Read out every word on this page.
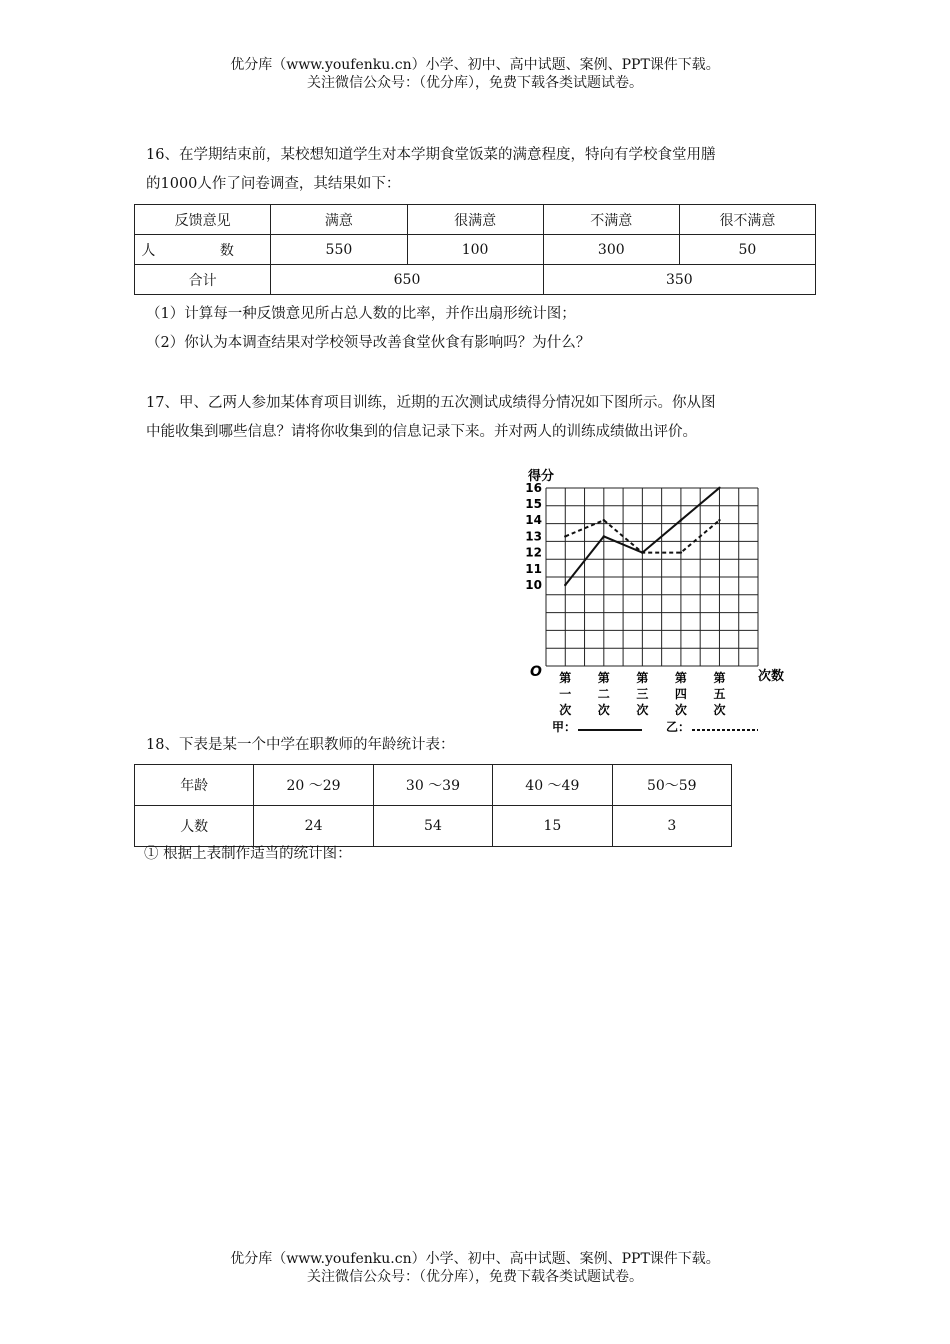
优分库（www.youfenku.cn）小学、初中、高中试题、案例、PPT课件下载。
关注微信公众号：（优分库），免费下载各类试题试卷。
16、在学期结束前，某校想知道学生对本学期食堂饭菜的满意程度，特向有学校食堂用膳
的1000人作了问卷调查，其结果如下：
反馈意见	满意	很满意	不满意	很不满意
人 数	550	100	300	50
合计	650		350	
（1）计算每一种反馈意见所占总人数的比率，并作出扇形统计图；
（2）你认为本调查结果对学校领导改善食堂伙食有影响吗？为什么？
17、甲、乙两人参加某体育项目训练，近期的五次测试成绩得分情况如下图所示。你从图
中能收集到哪些信息？请将你收集到的信息记录下来。并对两人的训练成绩做出评价。
10
11
12
13
14
15
16
第一次
第二次
第三次
第四次
第五次
得分
次数
O
甲：	乙：
18、下表是某一个中学在职教师的年龄统计表：
年龄	20 ～29	30 ～39	40 ～49	50～59
人数	24	54	15	3
① 根据上表制作适当的统计图：
优分库（www.youfenku.cn）小学、初中、高中试题、案例、PPT课件下载。
关注微信公众号：（优分库），免费下载各类试题试卷。
